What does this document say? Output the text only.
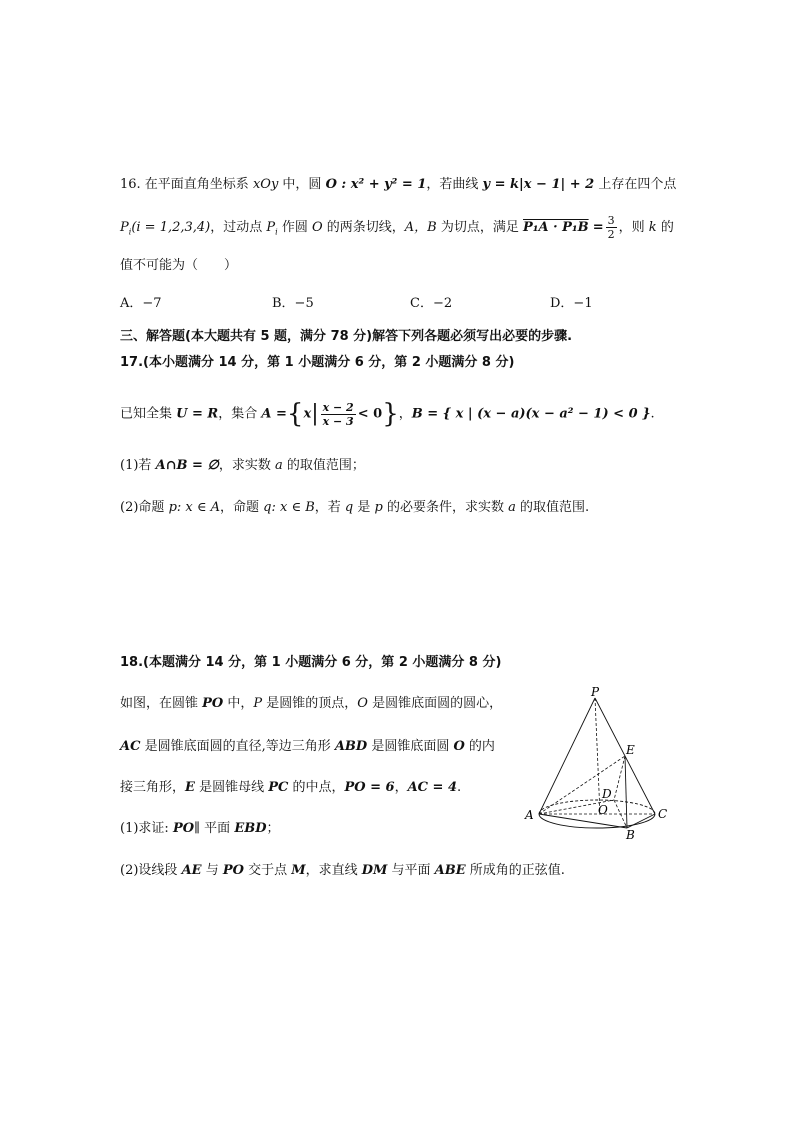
16. 在平面直角坐标系 xOy 中，圆 O : x² + y² = 1，若曲线 y = k|x − 1| + 2 上存在四个点
$P_i(i = 1,2,3,4)$，过动点 $P_i$ 作圆 O 的两条切线，A，B 为切点，满足 $P_1A \cdot P_1B = \frac{3}{2}$ ，则 k 的
值不可能为（　　）
A．−7	B．−5	C．−2	D．−1
三、解答题(本大题共有 5 题，满分 78 分)解答下列各题必须写出必要的步骤.
17.(本小题满分 14 分，第 1 小题满分 6 分，第 2 小题满分 8 分)
已知全集 U = R，集合 $A =\{x| \frac{x - 2}{x - 3} < 0\}$，B = { x | (x − a)(x − a² − 1) < 0 }.
(1)若 A∩B = ∅，求实数 a 的取值范围；
(2)命题 p: x ∈ A，命题 q: x ∈ B，若 q 是 p 的必要条件，求实数 a 的取值范围.
18.(本题满分 14 分，第 1 小题满分 6 分，第 2 小题满分 8 分)
如图，在圆锥 PO 中，P 是圆锥的顶点，O 是圆锥底面圆的圆心，
AC 是圆锥底面圆的直径,等边三角形 ABD 是圆锥底面圆 O 的内
接三角形，E 是圆锥母线 PC 的中点，PO = 6，AC = 4.
(1)求证: PO∥ 平面 EBD；
(2)设线段 AE 与 PO 交于点 M，求直线 DM 与平面 ABE 所成角的正弦值.
P
E
D
O
A
B
C
